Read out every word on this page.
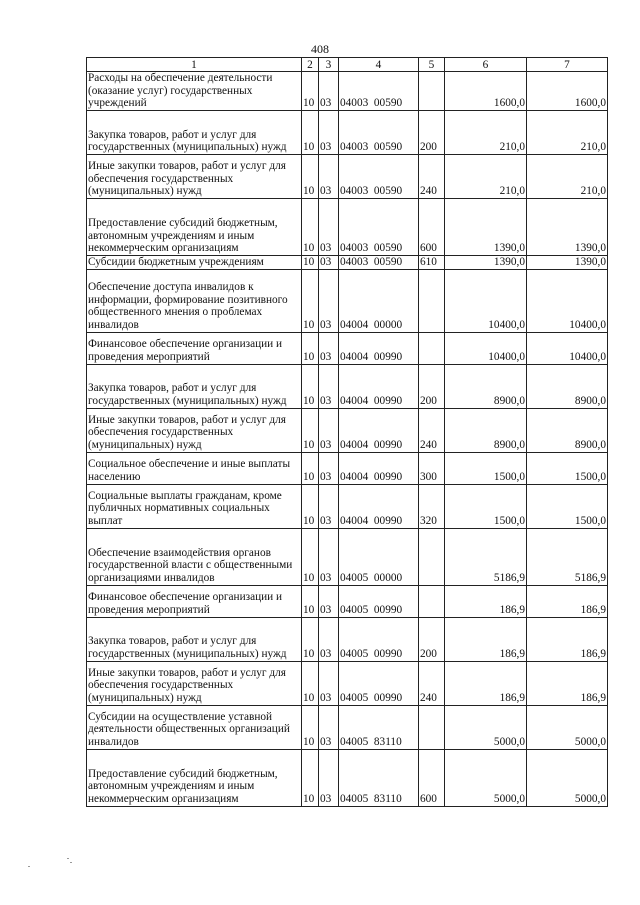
408
1	2	3	4	5	6	7
Расходы на обеспечение деятельности (оказание услуг) государственных учреждений	10	03	04003  00590		1600,0	1600,0
Закупка товаров, работ и услуг для государственных (муниципальных) нужд	10	03	04003  00590	200	210,0	210,0
Иные закупки товаров, работ и услуг для обеспечения государственных (муниципальных) нужд	10	03	04003  00590	240	210,0	210,0
Предоставление субсидий бюджетным, автономным учреждениям и иным некоммерческим организациям	10	03	04003  00590	600	1390,0	1390,0
Субсидии бюджетным учреждениям	10	03	04003  00590	610	1390,0	1390,0
Обеспечение доступа инвалидов к информации, формирование позитивного общественного мнения о проблемах инвалидов	10	03	04004  00000		10400,0	10400,0
Финансовое обеспечение организации и проведения мероприятий	10	03	04004  00990		10400,0	10400,0
Закупка товаров, работ и услуг для государственных (муниципальных) нужд	10	03	04004  00990	200	8900,0	8900,0
Иные закупки товаров, работ и услуг для обеспечения государственных (муниципальных) нужд	10	03	04004  00990	240	8900,0	8900,0
Социальное обеспечение и иные выплаты населению	10	03	04004  00990	300	1500,0	1500,0
Социальные выплаты гражданам, кроме публичных нормативных социальных выплат	10	03	04004  00990	320	1500,0	1500,0
Обеспечение взаимодействия органов государственной власти с общественными организациями инвалидов	10	03	04005  00000		5186,9	5186,9
Финансовое обеспечение организации и проведения мероприятий	10	03	04005  00990		186,9	186,9
Закупка товаров, работ и услуг для государственных (муниципальных) нужд	10	03	04005  00990	200	186,9	186,9
Иные закупки товаров, работ и услуг для обеспечения государственных (муниципальных) нужд	10	03	04005  00990	240	186,9	186,9
Субсидии на осуществление уставной деятельности общественных организаций инвалидов	10	03	04005  83110		5000,0	5000,0
Предоставление субсидий бюджетным, автономным учреждениям и иным некоммерческим организациям	10	03	04005  83110	600	5000,0	5000,0
